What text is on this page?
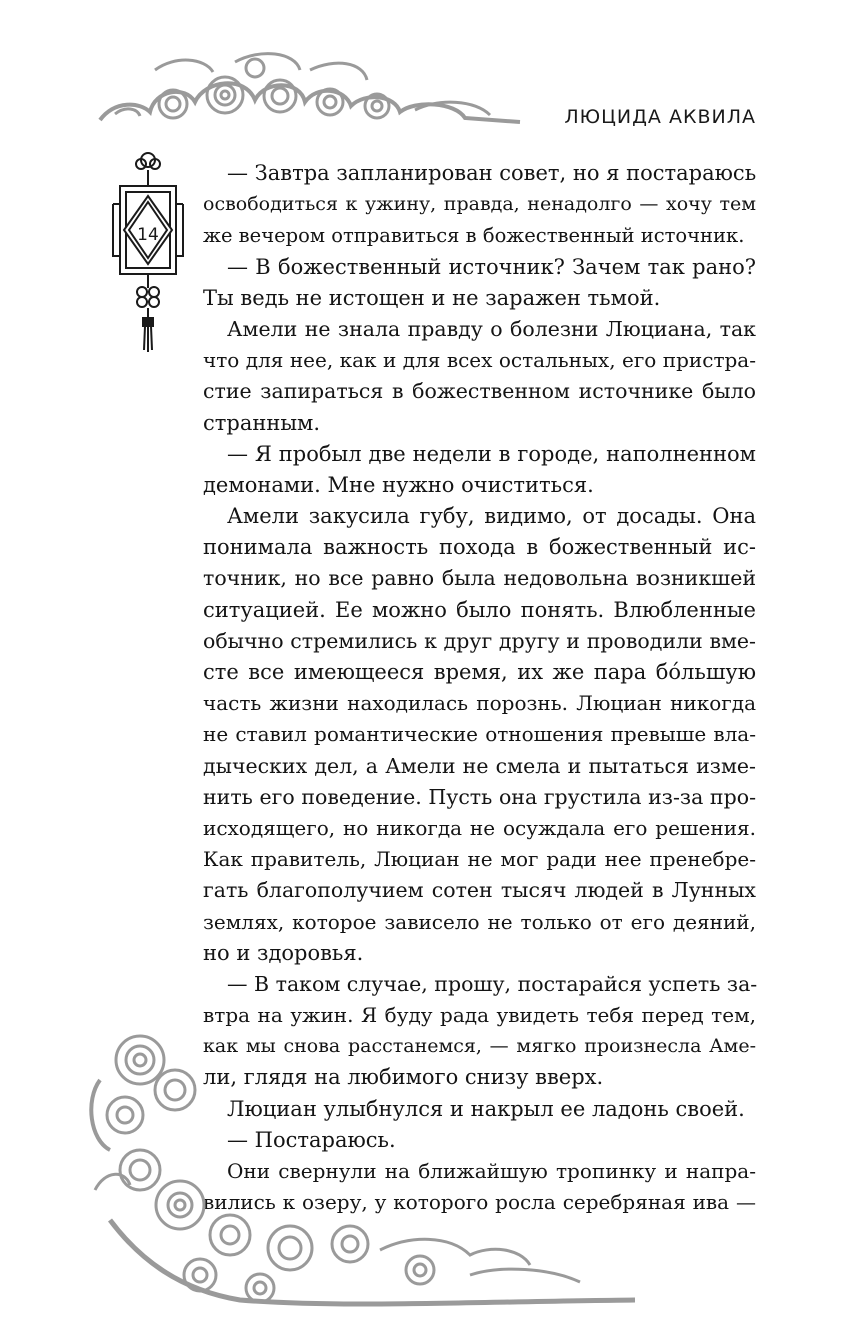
ЛЮЦИДА АКВИЛА
14
— Завтра запланирован совет, но я постараюсь
освободиться к ужину, правда, ненадолго — хочу тем
же вечером отправиться в божественный источник.
— В божественный источник? Зачем так рано?
Ты ведь не истощен и не заражен тьмой.
Амели не знала правду о болезни Люциана, так
что для нее, как и для всех остальных, его пристра-
стие запираться в божественном источнике было
странным.
— Я пробыл две недели в городе, наполненном
демонами. Мне нужно очиститься.
Амели закусила губу, видимо, от досады. Она
понимала важность похода в божественный ис-
точник, но все равно была недовольна возникшей
ситуацией. Ее можно было понять. Влюбленные
обычно стремились к друг другу и проводили вме-
сте все имеющееся время, их же пара бóльшую
часть жизни находилась порознь. Люциан никогда
не ставил романтические отношения превыше вла-
дыческих дел, а Амели не смела и пытаться изме-
нить его поведение. Пусть она грустила из-за про-
исходящего, но никогда не осуждала его решения.
Как правитель, Люциан не мог ради нее пренебре-
гать благополучием сотен тысяч людей в Лунных
землях, которое зависело не только от его деяний,
но и здоровья.
— В таком случае, прошу, постарайся успеть за-
втра на ужин. Я буду рада увидеть тебя перед тем,
как мы снова расстанемся, — мягко произнесла Аме-
ли, глядя на любимого снизу вверх.
Люциан улыбнулся и накрыл ее ладонь своей.
— Постараюсь.
Они свернули на ближайшую тропинку и напра-
вились к озеру, у которого росла серебряная ива —
